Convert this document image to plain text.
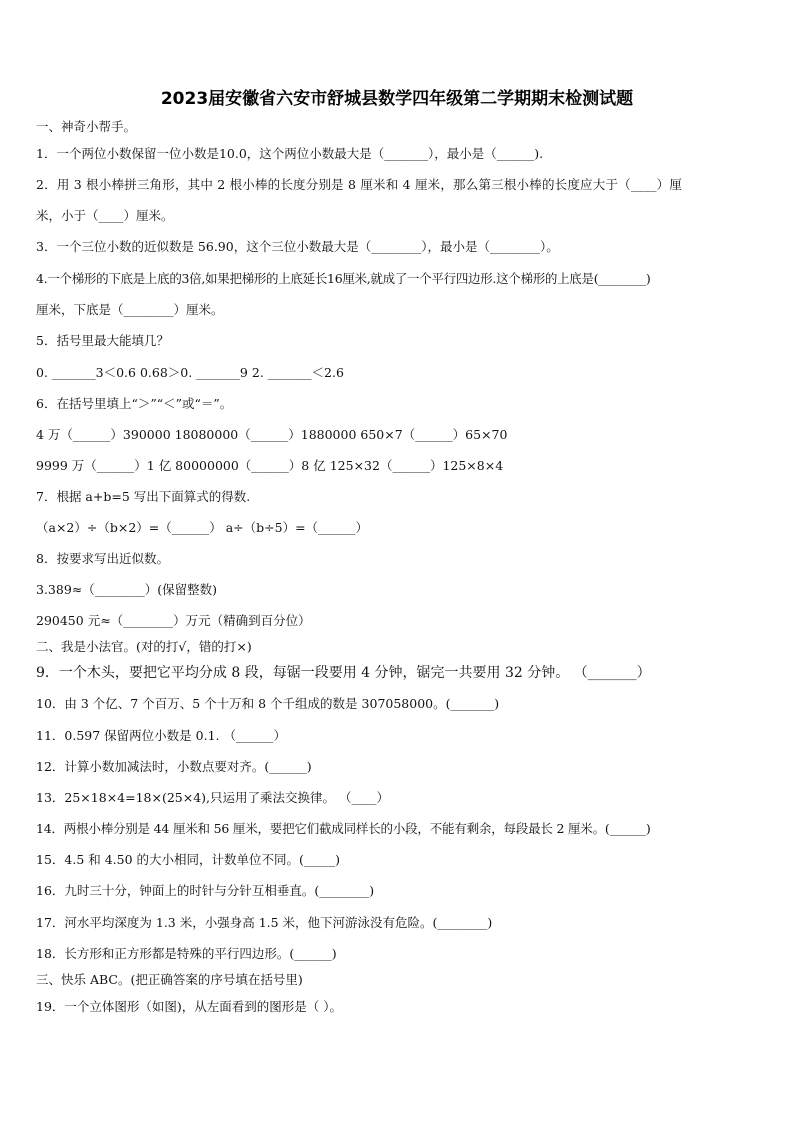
2023届安徽省六安市舒城县数学四年级第二学期期末检测试题
一、神奇小帮手。
1．一个两位小数保留一位小数是10.0，这个两位小数最大是（_______），最小是（______).
2．用 3 根小棒拼三角形，其中 2 根小棒的长度分别是 8 厘米和 4 厘米，那么第三根小棒的长度应大于（____）厘
米，小于（____）厘米。
3．一个三位小数的近似数是 56.90，这个三位小数最大是（________），最小是（________）。
4.一个梯形的下底是上底的3倍,如果把梯形的上底延长16厘米,就成了一个平行四边形.这个梯形的上底是(________)
厘米，下底是（________）厘米。
5．括号里最大能填几？
0. _______3＜0.6 0.68＞0. _______9 2. _______＜2.6
6．在括号里填上“＞”“＜”或“＝”。
4 万（______）390000 18080000（______）1880000 650×7（______）65×70
9999 万（______）1 亿 80000000（______）8 亿 125×32（______）125×8×4
7．根据 a+b=5 写出下面算式的得数.
（a×2）÷（b×2）=（______） a÷（b÷5）=（______）
8．按要求写出近似数。
3.389≈（________）(保留整数)
290450 元≈（________）万元（精确到百分位）
二、我是小法官。(对的打√，错的打×)
9．一个木头，要把它平均分成 8 段，每锯一段要用 4 分钟，锯完一共要用 32 分钟。 （_______）
10．由 3 个亿、7 个百万、5 个十万和 8 个千组成的数是 307058000。(_______)
11．0.597 保留两位小数是 0.1. （______）
12．计算小数加减法时，小数点要对齐。(______)
13．25×18×4=18×(25×4),只运用了乘法交换律。 （____）
14．两根小棒分别是 44 厘米和 56 厘米，要把它们截成同样长的小段，不能有剩余，每段最长 2 厘米。(______)
15．4.5 和 4.50 的大小相同，计数单位不同。(_____)
16．九时三十分，钟面上的时针与分针互相垂直。(________)
17．河水平均深度为 1.3 米，小强身高 1.5 米，他下河游泳没有危险。(________)
18．长方形和正方形都是特殊的平行四边形。(______)
三、快乐 ABC。(把正确答案的序号填在括号里)
19．一个立体图形（如图)，从左面看到的图形是（ ）。
